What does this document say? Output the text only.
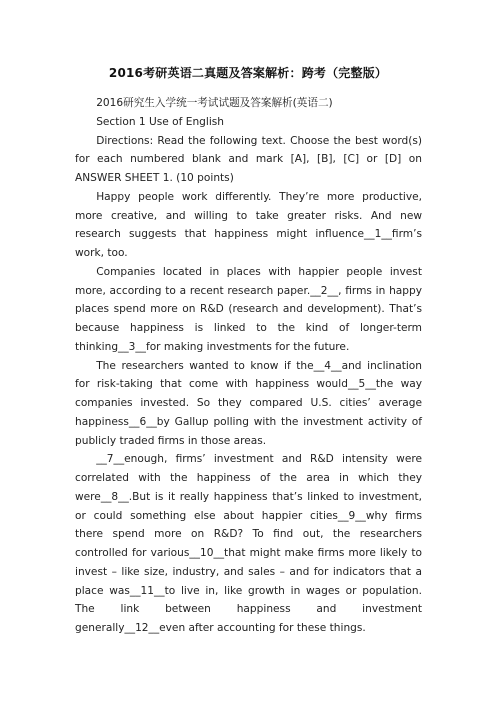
2016考研英语二真题及答案解析：跨考（完整版）

2016研究生入学统一考试试题及答案解析(英语二)

Section 1 Use of English

Directions: Read the following text. Choose the best word(s) for each numbered blank and mark [A], [B], [C] or [D] on ANSWER SHEET 1. (10 points)

Happy people work differently. They’re more productive, more creative, and willing to take greater risks. And new research suggests that happiness might influence__1__firm’s work, too.

Companies located in places with happier people invest more, according to a recent research paper.__2__, firms in happy places spend more on R&D (research and development). That’s because happiness is linked to the kind of longer-term thinking__3__for making investments for the future.

The researchers wanted to know if the__4__and inclination for risk-taking that come with happiness would__5__the way companies invested. So they compared U.S. cities’ average happiness__6__by Gallup polling with the investment activity of publicly traded firms in those areas.

__7__enough, firms’ investment and R&D intensity were correlated with the happiness of the area in which they were__8__.But is it really happiness that’s linked to investment, or could something else about happier cities__9__why firms there spend more on R&D? To find out, the researchers controlled for various__10__that might make firms more likely to invest – like size, industry, and sales – and for indicators that a place was__11__to live in, like growth in wages or population. The link between happiness and investment generally__12__even after accounting for these things.
